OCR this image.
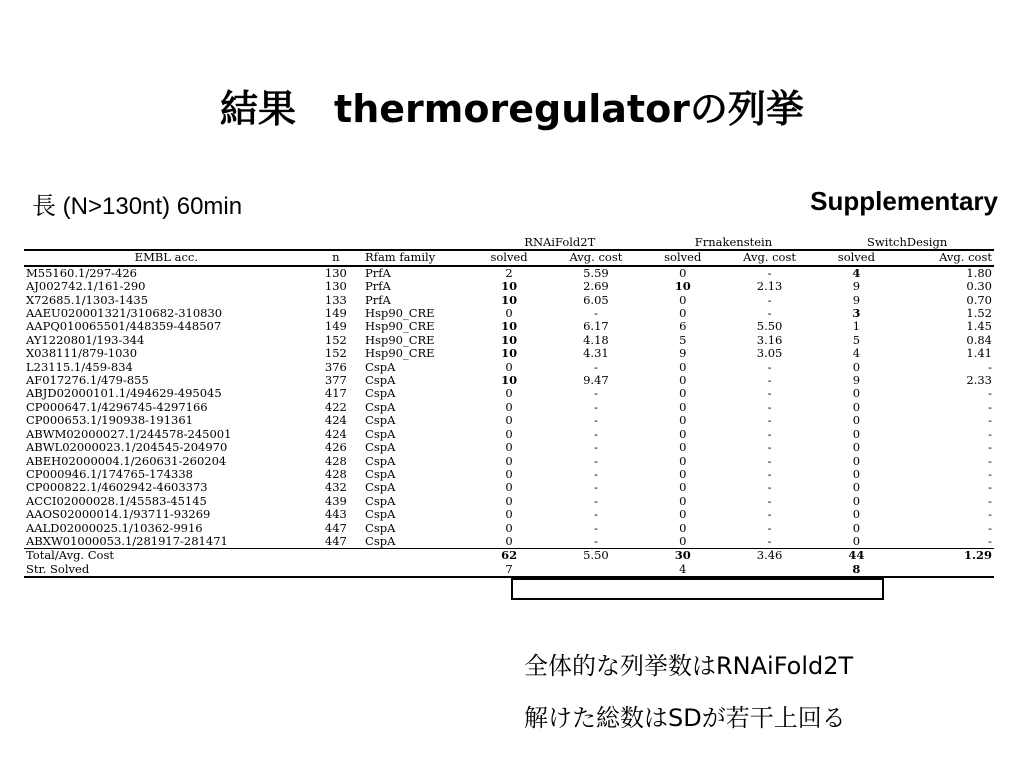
結果　thermoregulatorの列挙
長 (N>130nt) 60min	Supplementary
			RNAiFold2T		Frnakenstein		SwitchDesign	
EMBL acc.	n	Rfam family	solved	Avg. cost	solved	Avg. cost	solved	Avg. cost
M55160.1/297-426	130	PrfA	2	5.59	0	-	4	1.80
AJ002742.1/161-290	130	PrfA	10	2.69	10	2.13	9	0.30
X72685.1/1303-1435	133	PrfA	10	6.05	0	-	9	0.70
AAEU020001321/310682-310830	149	Hsp90_CRE	0	-	0	-	3	1.52
AAPQ010065501/448359-448507	149	Hsp90_CRE	10	6.17	6	5.50	1	1.45
AY1220801/193-344	152	Hsp90_CRE	10	4.18	5	3.16	5	0.84
X038111/879-1030	152	Hsp90_CRE	10	4.31	9	3.05	4	1.41
L23115.1/459-834	376	CspA	0	-	0	-	0	-
AF017276.1/479-855	377	CspA	10	9.47	0	-	9	2.33
ABJD02000101.1/494629-495045	417	CspA	0	-	0	-	0	-
CP000647.1/4296745-4297166	422	CspA	0	-	0	-	0	-
CP000653.1/190938-191361	424	CspA	0	-	0	-	0	-
ABWM02000027.1/244578-245001	424	CspA	0	-	0	-	0	-
ABWL02000023.1/204545-204970	426	CspA	0	-	0	-	0	-
ABEH02000004.1/260631-260204	428	CspA	0	-	0	-	0	-
CP000946.1/174765-174338	428	CspA	0	-	0	-	0	-
CP000822.1/4602942-4603373	432	CspA	0	-	0	-	0	-
ACCI02000028.1/45583-45145	439	CspA	0	-	0	-	0	-
AAOS02000014.1/93711-93269	443	CspA	0	-	0	-	0	-
AALD02000025.1/10362-9916	447	CspA	0	-	0	-	0	-
ABXW01000053.1/281917-281471	447	CspA	0	-	0	-	0	-
Total/Avg. Cost			62	5.50	30	3.46	44	1.29
Str. Solved			7		4		8	
全体的な列挙数はRNAiFold2T
解けた総数はSDが若干上回る
